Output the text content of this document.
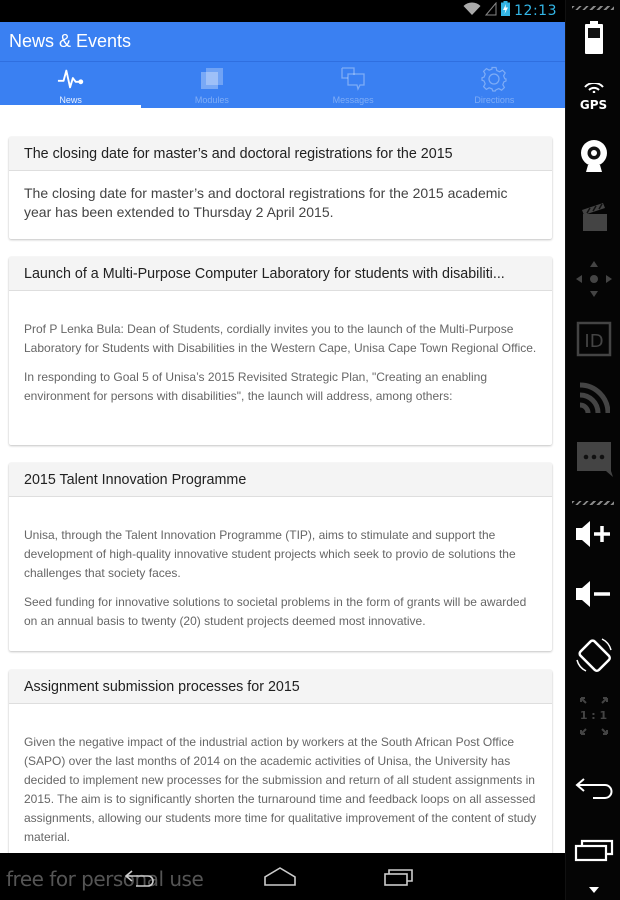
12:13
News & Events
News	Modules	Messages	Directions
The closing date for master’s and doctoral registrations for the 2015

The closing date for master’s and doctoral registrations for the 2015 academic year has been extended to Thursday 2 April 2015.

Launch of a Multi-Purpose Computer Laboratory for students with disabiliti...

Prof P Lenka Bula: Dean of Students, cordially invites you to the launch of the Multi-Purpose Laboratory for Students with Disabilities in the Western Cape, Unisa Cape Town Regional Office.

In responding to Goal 5 of Unisa’s 2015 Revisited Strategic Plan, "Creating an enabling environment for persons with disabilities", the launch will address, among others:

2015 Talent Innovation Programme

Unisa, through the Talent Innovation Programme (TIP), aims to stimulate and support the development of high-quality innovative student projects which seek to provio de solutions the challenges that society faces.

Seed funding for innovative solutions to societal problems in the form of grants will be awarded on an annual basis to twenty (20) student projects deemed most innovative.

Assignment submission processes for 2015

Given the negative impact of the industrial action by workers at the South African Post Office (SAPO) over the last months of 2014 on the academic activities of Unisa, the University has decided to implement new processes for the submission and return of all student assignments in 2015. The aim is to significantly shorten the turnaround time and feedback loops on all assessed assignments, allowing our students more time for qualitative improvement of the content of study material.

free for personal use
GPS
ID
1 : 1
